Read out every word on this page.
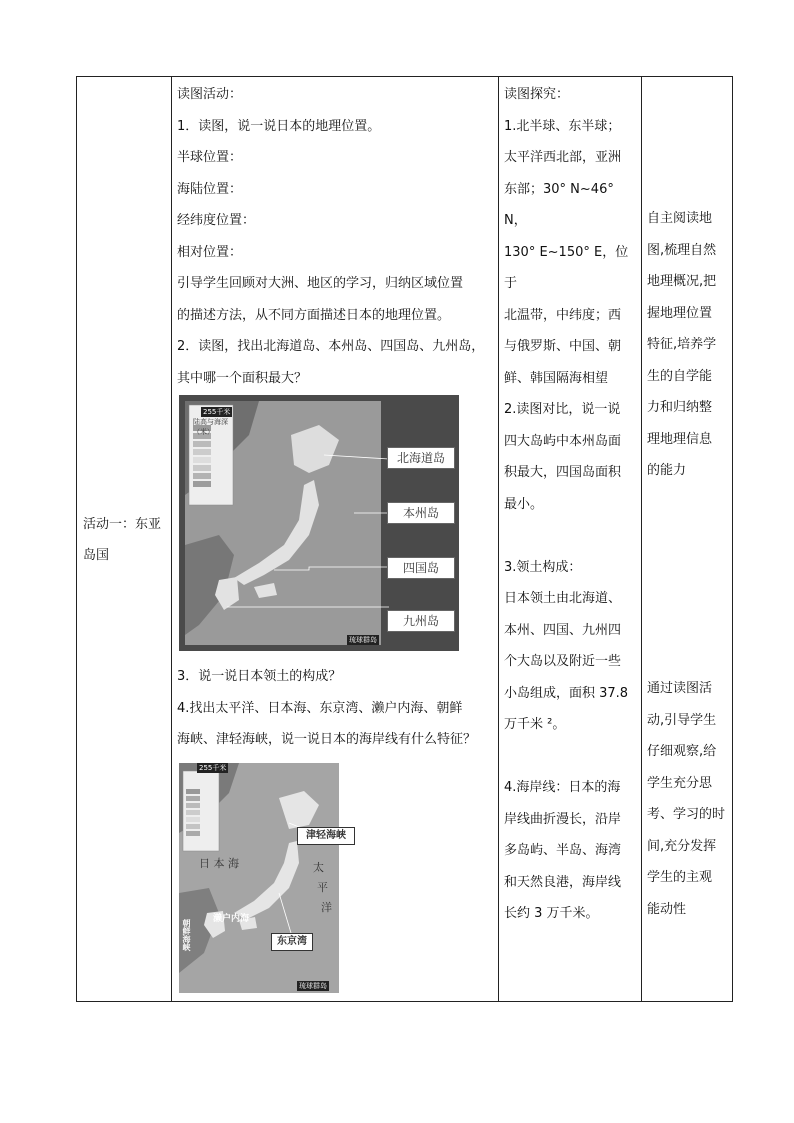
活动一：东亚岛国

读图活动：

1．读图，说一说日本的地理位置。

半球位置：

海陆位置：

经纬度位置：

相对位置：

引导学生回顾对大洲、地区的学习，归纳区域位置

的描述方法，从不同方面描述日本的地理位置。

2．读图，找出北海道岛、本州岛、四国岛、九州岛，

其中哪一个面积最大？

3．说一说日本领土的构成？

4.找出太平洋、日本海、东京湾、濑户内海、朝鲜

海峡、津轻海峡，说一说日本的海岸线有什么特征？

读图探究：

1.北半球、东半球；

太平洋西北部，亚洲

东部；30° N~46° N，

130° E~150° E，位于

北温带，中纬度；西

与俄罗斯、中国、朝

鲜、韩国隔海相望

2.读图对比，说一说

四大岛屿中本州岛面

积最大，四国岛面积

最小。

3.领土构成：

日本领土由北海道、

本州、四国、九州四

个大岛以及附近一些

小岛组成，面积 37.8

万千米 ²。

4.海岸线：日本的海

岸线曲折漫长，沿岸

多岛屿、半岛、海湾

和天然良港，海岸线

长约 3 万千米。

自主阅读地

图,梳理自然

地理概况,把

握地理位置

特征,培养学

生的自学能

力和归纳整

理地理信息

的能力

通过读图活

动,引导学生

仔细观察,给

学生充分思

考、学习的时

间,充分发挥

学生的主观

能动性

255千米
陆高与海深（米）
北海道岛
本州岛
四国岛
九州岛
琉球群岛
255千米
津轻海峡
东京湾
日 本 海	太
平
洋
濑户内海
朝鲜海峡
琉球群岛
